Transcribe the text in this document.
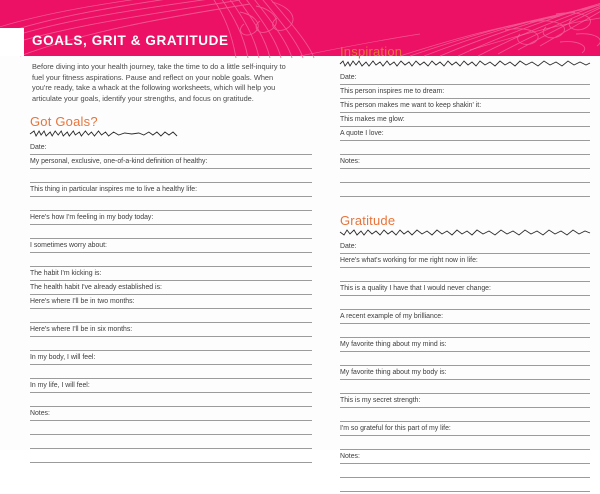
GOALS, GRIT & GRATITUDE
Before diving into your health journey, take the time to do a little self-inquiry to fuel your fitness aspirations. Pause and reflect on your noble goals. When you're ready, take a whack at the following worksheets, which will help you articulate your goals, identify your strengths, and focus on gratitude.
Got Goals?
Date:
My personal, exclusive, one-of-a-kind definition of healthy:
This thing in particular inspires me to live a healthy life:
Here's how I'm feeling in my body today:
I sometimes worry about:
The habit I'm kicking is:
The health habit I've already established is:
Here's where I'll be in two months:
Here's where I'll be in six months:
In my body, I will feel:
In my life, I will feel:
Notes:
Inspiration
Date:
This person inspires me to dream:
This person makes me want to keep shakin' it:
This makes me glow:
A quote I love:
Notes:
Gratitude
Date:
Here's what's working for me right now in life:
This is a quality I have that I would never change:
A recent example of my brilliance:
My favorite thing about my mind is:
My favorite thing about my body is:
This is my secret strength:
I'm so grateful for this part of my life:
Notes:
